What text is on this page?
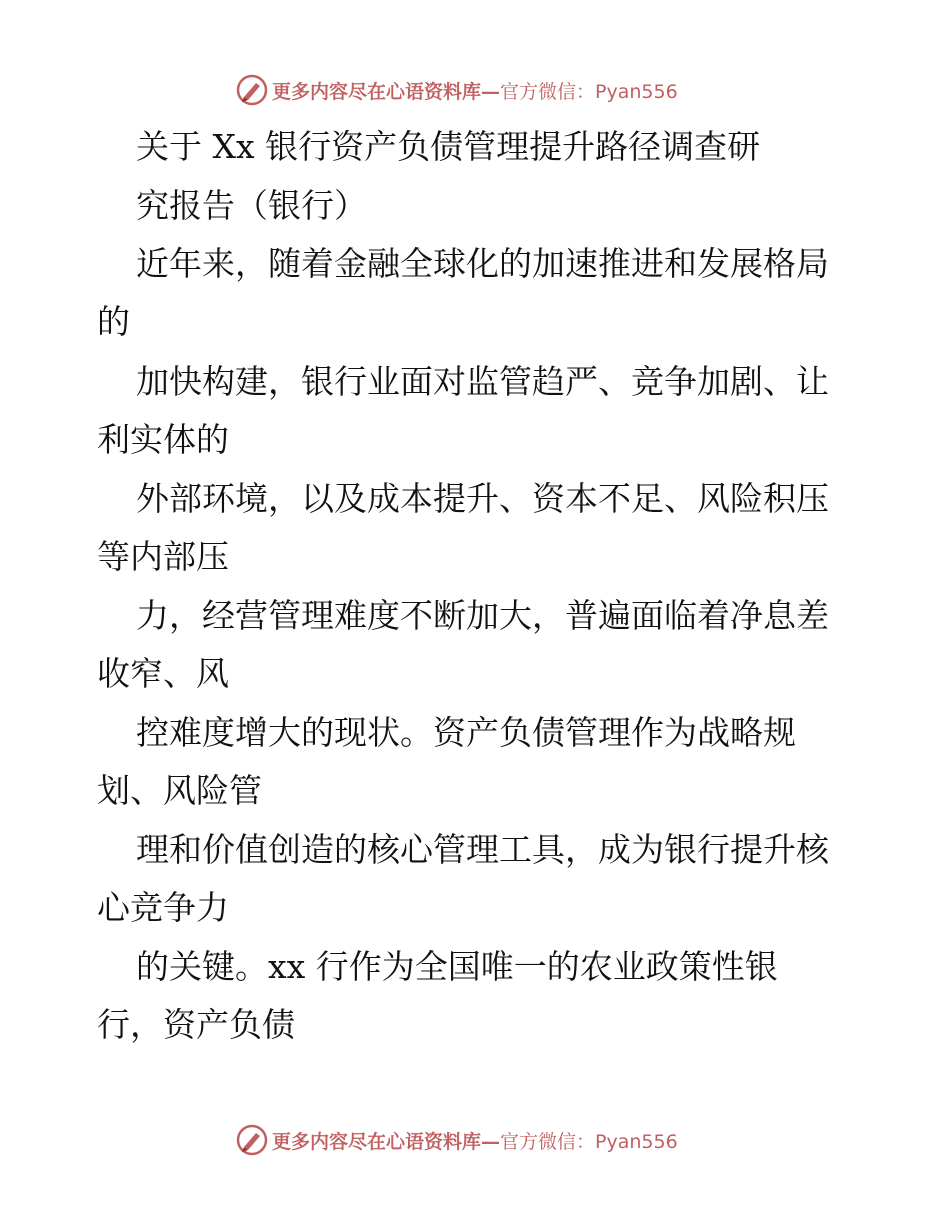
更多内容尽在心语资料库— 官方微信：Pyan556

关于 Xx 银行资产负债管理提升路径调查研

究报告（银行）

近年来，随着金融全球化的加速推进和发展格局

的

加快构建，银行业面对监管趋严、竞争加剧、让

利实体的

外部环境，以及成本提升、资本不足、风险积压

等内部压

力，经营管理难度不断加大，普遍面临着净息差

收窄、风

控难度增大的现状。资产负债管理作为战略规

划、风险管

理和价值创造的核心管理工具，成为银行提升核

心竞争力

的关键。xx 行作为全国唯一的农业政策性银

行，资产负债

更多内容尽在心语资料库— 官方微信：Pyan556
